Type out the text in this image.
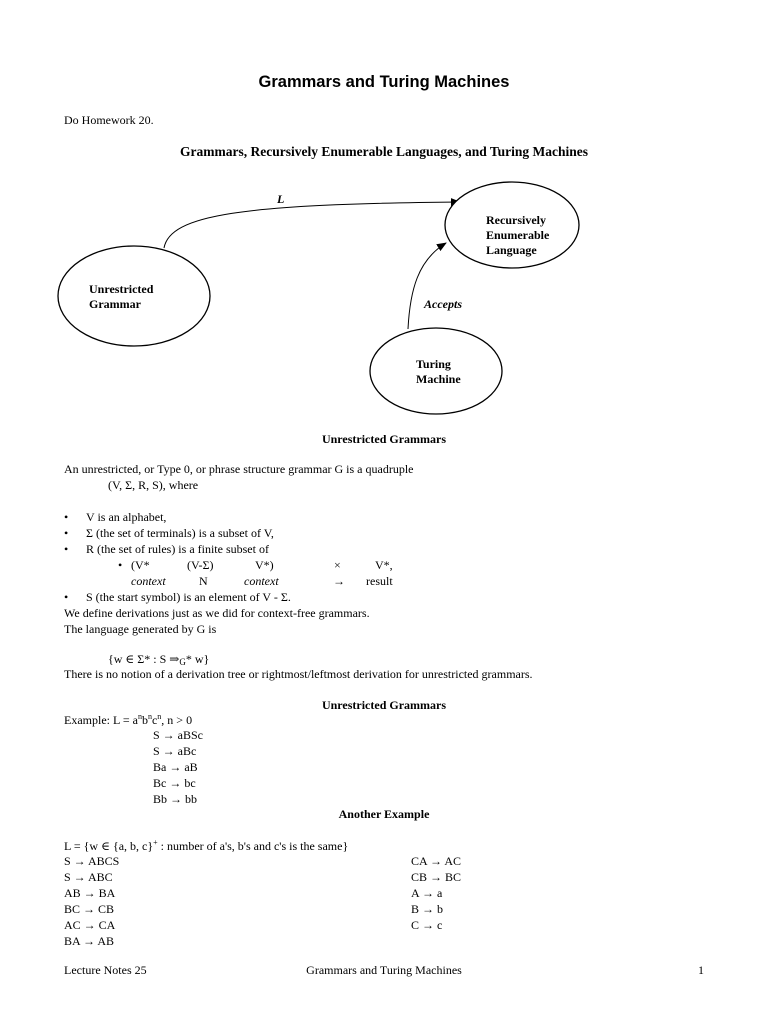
Grammars and Turing Machines
Do Homework 20.
Grammars, Recursively Enumerable Languages, and Turing Machines
L
Accepts
Unrestricted
Grammar
Recursively
Enumerable
Language
Turing
Machine
Unrestricted Grammars
An unrestricted, or Type 0, or phrase structure grammar G is a quadruple
(V, Σ, R, S), where
• V is an alphabet,
• Σ (the set of terminals) is a subset of V,
• R (the set of rules) is a finite subset of
• (V*	(V-Σ)	V*)	×	V*,
context	N	context	→ result
• S (the start symbol) is an element of V - Σ.
We define derivations just as we did for context-free grammars.
The language generated by G is
{w ∈ Σ* : S $\Rightarrow_G*$ w}
There is no notion of a derivation tree or rightmost/leftmost derivation for unrestricted grammars.
Unrestricted Grammars
Example: $L = a^nb^nc^n$, n > 0
S → aBSc
S → aBc
Ba → aB
Bc → bc
Bb → bb
Another Example
L = {w ∈ {a, b, c}+ : number of a's, b's and c's is the same}
S → ABCS
S → ABC
AB → BA
BC → CB
AC → CA
BA → AB
CA → AC
CB → BC
A → a
B → b
C → c
Lecture Notes 25	Grammars and Turing Machines	1
